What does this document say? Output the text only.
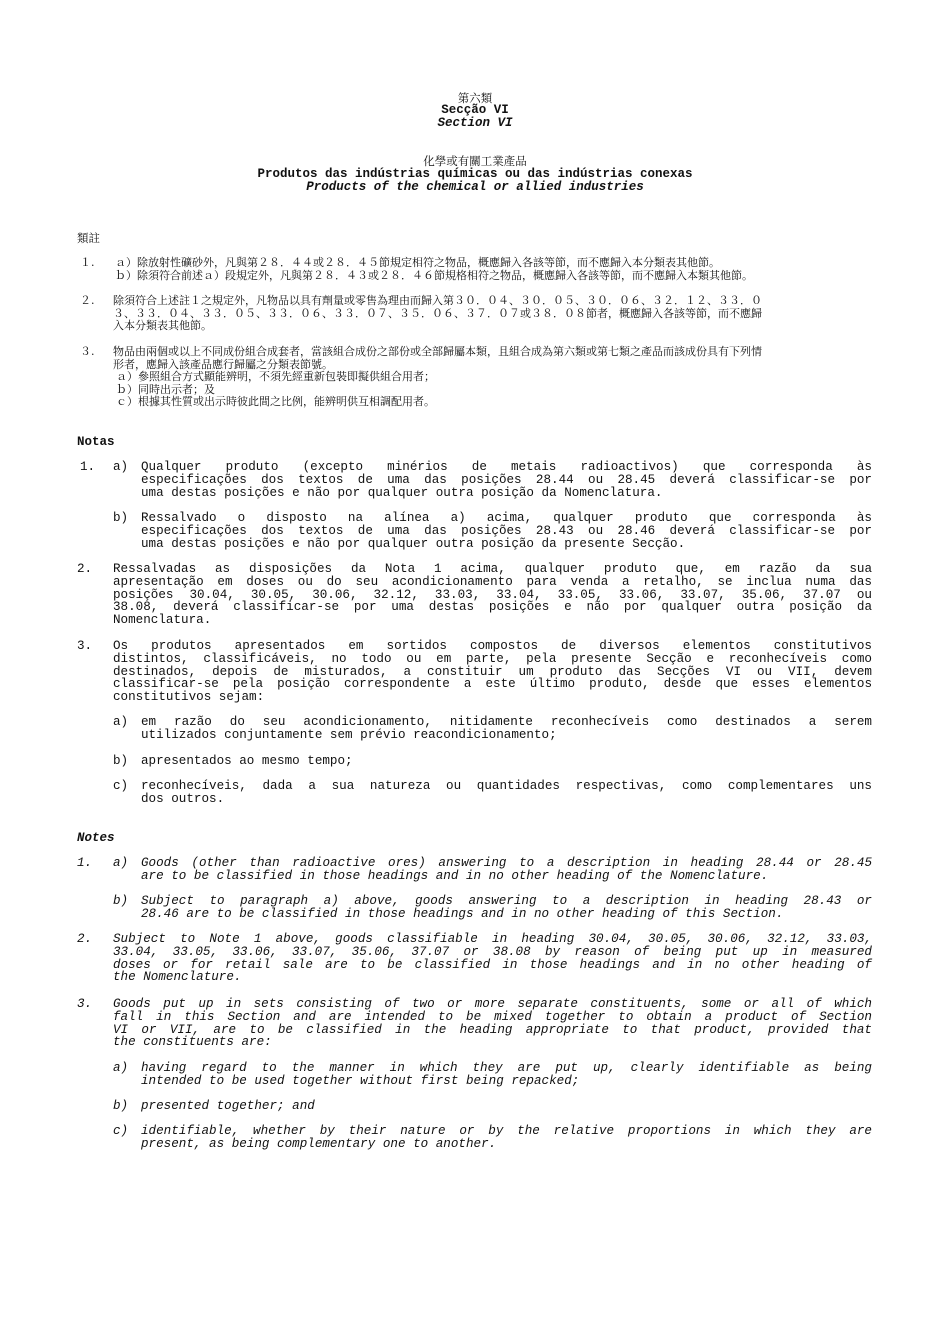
第六類
Secção VI
Section VI
化學或有關工業產品
Produtos das indústrias químicas ou das indústrias conexas
Products of the chemical or allied industries
類註
１. ａ）除放射性礦砂外，凡與第２８．４４或２８．４５節規定相符之物品，概應歸入各該等節，而不應歸入本分類表其他節。
ｂ）除須符合前述ａ）段規定外，凡與第２８．４３或２８．４６節規格相符之物品，概應歸入各該等節，而不應歸入本類其他節。
２. 除須符合上述註１之規定外，凡物品以具有劑量或零售為理由而歸入第３０．０４、３０．０５、３０．０６、３２．１２、３３．０
３、３３．０４、３３．０５、３３．０６、３３．０７、３５．０６、３７．０７或３８．０８節者，概應歸入各該等節，而不應歸
入本分類表其他節。
３. 物品由兩個或以上不同成份組合成套者，當該組合成份之部份或全部歸屬本類，且組合成為第六類或第七類之產品而該成份具有下列情
形者，應歸入該產品應行歸屬之分類表節號。
ａ）參照組合方式顯能辨明，不須先經重新包裝即擬供組合用者；
ｂ）同時出示者；及
ｃ）根據其性質或出示時彼此間之比例，能辨明供互相調配用者。
Notas
1. a) Qualquer produto (excepto minérios de metais radioactivos) que corresponda às
especificações dos textos de uma das posições 28.44 ou 28.45 deverá classificar-se por
uma destas posições e não por qualquer outra posição da Nomenclatura.
b) Ressalvado o disposto na alínea a) acima, qualquer produto que corresponda às
especificações dos textos de uma das posições 28.43 ou 28.46 deverá classificar-se por
uma destas posições e não por qualquer outra posição da presente Secção.
2. Ressalvadas as disposições da Nota 1 acima, qualquer produto que, em razão da sua
apresentação em doses ou do seu acondicionamento para venda a retalho, se inclua numa das
posições 30.04, 30.05, 30.06, 32.12, 33.03, 33.04, 33.05, 33.06, 33.07, 35.06, 37.07 ou
38.08, deverá classificar-se por uma destas posições e não por qualquer outra posição da
Nomenclatura.
3. Os produtos apresentados em sortidos compostos de diversos elementos constitutivos
distintos, classificáveis, no todo ou em parte, pela presente Secção e reconhecíveis como
destinados, depois de misturados, a constituir um produto das Secções VI ou VII, devem
classificar-se pela posição correspondente a este último produto, desde que esses elementos
constitutivos sejam:
a) em razão do seu acondicionamento, nitidamente reconhecíveis como destinados a serem
utilizados conjuntamente sem prévio reacondicionamento;
b) apresentados ao mesmo tempo;
c) reconhecíveis, dada a sua natureza ou quantidades respectivas, como complementares uns
dos outros.
Notes
1. a) Goods (other than radioactive ores) answering to a description in heading 28.44 or 28.45
are to be classified in those headings and in no other heading of the Nomenclature.
b) Subject to paragraph a) above, goods answering to a description in heading 28.43 or
28.46 are to be classified in those headings and in no other heading of this Section.
2. Subject to Note 1 above, goods classifiable in heading 30.04, 30.05, 30.06, 32.12, 33.03,
33.04, 33.05, 33.06, 33.07, 35.06, 37.07 or 38.08 by reason of being put up in measured
doses or for retail sale are to be classified in those headings and in no other heading of
the Nomenclature.
3. Goods put up in sets consisting of two or more separate constituents, some or all of which
fall in this Section and are intended to be mixed together to obtain a product of Section
VI or VII, are to be classified in the heading appropriate to that product, provided that
the constituents are:
a) having regard to the manner in which they are put up, clearly identifiable as being
intended to be used together without first being repacked;
b) presented together; and
c) identifiable, whether by their nature or by the relative proportions in which they are
present, as being complementary one to another.
